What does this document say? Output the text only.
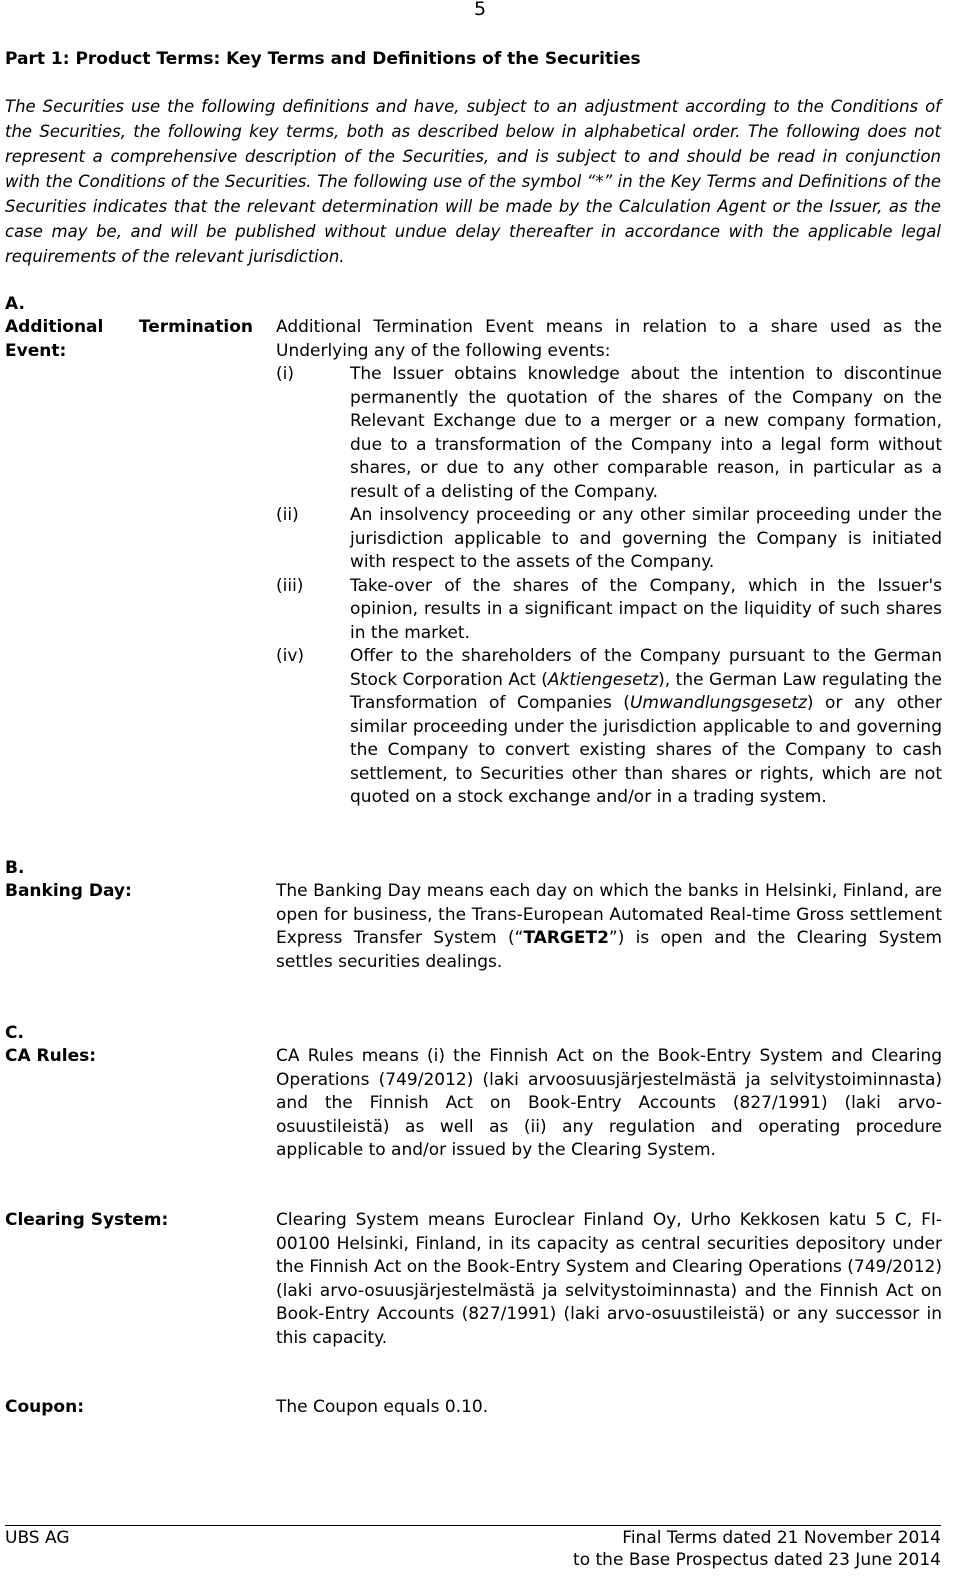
5
Part 1: Product Terms: Key Terms and Definitions of the Securities
The Securities use the following definitions and have, subject to an adjustment according to the Conditions of the Securities, the following key terms, both as described below in alphabetical order. The following does not represent a comprehensive description of the Securities, and is subject to and should be read in conjunction with the Conditions of the Securities. The following use of the symbol “*” in the Key Terms and Definitions of the Securities indicates that the relevant determination will be made by the Calculation Agent or the Issuer, as the case may be, and will be published without undue delay thereafter in accordance with the applicable legal requirements of the relevant jurisdiction.
A.
Additional Termination Event:
Additional Termination Event means in relation to a share used as the Underlying any of the following events:
(i)	The Issuer obtains knowledge about the intention to discontinue permanently the quotation of the shares of the Company on the Relevant Exchange due to a merger or a new company formation, due to a transformation of the Company into a legal form without shares, or due to any other comparable reason, in particular as a result of a delisting of the Company.
(ii)	An insolvency proceeding or any other similar proceeding under the jurisdiction applicable to and governing the Company is initiated with respect to the assets of the Company.
(iii)	Take-over of the shares of the Company, which in the Issuer's opinion, results in a significant impact on the liquidity of such shares in the market.
(iv)	Offer to the shareholders of the Company pursuant to the German Stock Corporation Act (Aktiengesetz), the German Law regulating the Transformation of Companies (Umwandlungsgesetz) or any other similar proceeding under the jurisdiction applicable to and governing the Company to convert existing shares of the Company to cash settlement, to Securities other than shares or rights, which are not quoted on a stock exchange and/or in a trading system.
B.
Banking Day:	The Banking Day means each day on which the banks in Helsinki, Finland, are open for business, the Trans-European Automated Real-time Gross settlement Express Transfer System (“TARGET2”) is open and the Clearing System settles securities dealings.
C.
CA Rules:	CA Rules means (i) the Finnish Act on the Book-Entry System and Clearing Operations (749/2012) (laki arvoosuusjärjestelmästä ja selvitystoiminnasta) and the Finnish Act on Book-Entry Accounts (827/1991) (laki arvo-osuustileistä) as well as (ii) any regulation and operating procedure applicable to and/or issued by the Clearing System.
Clearing System:	Clearing System means Euroclear Finland Oy, Urho Kekkosen katu 5 C, FI-00100 Helsinki, Finland, in its capacity as central securities depository under the Finnish Act on the Book-Entry System and Clearing Operations (749/2012) (laki arvo-osuusjärjestelmästä ja selvitystoiminnasta) and the Finnish Act on Book-Entry Accounts (827/1991) (laki arvo-osuustileistä) or any successor in this capacity.
Coupon:	The Coupon equals 0.10.
UBS AG	Final Terms dated 21 November 2014
to the Base Prospectus dated 23 June 2014
